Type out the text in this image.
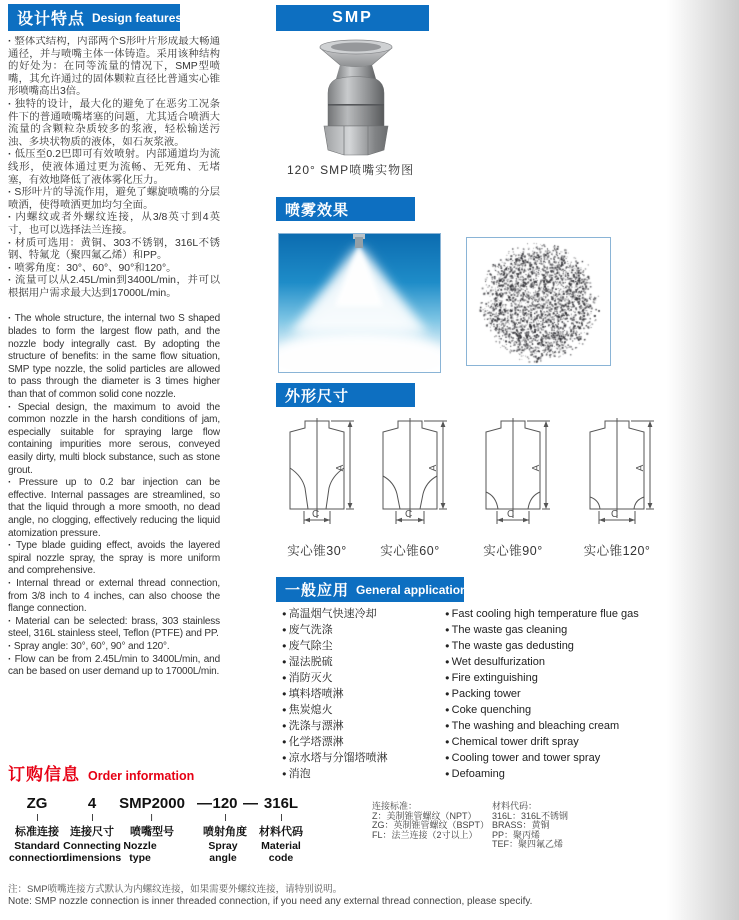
设计特点 Design features

· 整体式结构，内部两个S形叶片形成最大畅通通径，并与喷嘴主体一体铸造。采用该种结构的好处为：在同等流量的情况下，SMP型喷嘴，其允许通过的固体颗粒直径比普通实心锥形喷嘴高出3倍。

· 独特的设计，最大化的避免了在恶劣工况条件下的普通喷嘴堵塞的问题，尤其适合喷洒大流量的含颗粒杂质较多的浆液，轻松输送污浊、多块状物质的液体，如石灰浆液。

· 低压至0.2巴即可有效喷射。内部通道均为流线形，使液体通过更为流畅、无死角、无堵塞，有效地降低了液体雾化压力。

· S形叶片的导流作用，避免了螺旋喷嘴的分层喷洒，使得喷洒更加均匀全面。

· 内螺纹或者外螺纹连接，从3/8英寸到4英寸，也可以选择法兰连接。

· 材质可选用：黄铜、303不锈钢，316L不锈钢、特氟龙（聚四氟乙烯）和PP。

· 喷雾角度：30°、60°、90°和120°。

· 流量可以从2.45L/min到3400L/min，并可以根据用户需求最大达到17000L/min。

· The whole structure, the internal two S shaped blades to form the largest flow path, and the nozzle body integrally cast. By adopting the structure of benefits: in the same flow situation, SMP type nozzle, the solid particles are allowed to pass through the diameter is 3 times higher than that of common solid cone nozzle.

· Special design, the maximum to avoid the common nozzle in the harsh conditions of jam, especially suitable for spraying large flow containing impurities more serous, conveyed easily dirty, multi block substance, such as stone grout.

· Pressure up to 0.2 bar injection can be effective. Internal passages are streamlined, so that the liquid through a more smooth, no dead angle, no clogging, effectively reducing the liquid atomization pressure.

· Type blade guiding effect, avoids the layered spiral nozzle spray, the spray is more uniform and comprehensive.

· Internal thread or external thread connection, from 3/8 inch to 4 inches, can also choose the flange connection.

· Material can be selected: brass, 303 stainless steel, 316L stainless steel, Teflon (PTFE) and PP.

· Spray angle: 30°, 60°, 90° and 120°.

· Flow can be from 2.45L/min to 3400L/min, and can be based on user demand up to 17000L/min.

SMP
120° SMP喷嘴实物图
喷雾效果
外形尺寸
A
C
A
C
A
C
A
C
实心锥30°	实心锥60°	实心锥90°	实心锥120°
一般应用 General application
● 高温烟气快速冷却
● 废气洗涤
● 废气除尘
● 湿法脱硫
● 消防灭火
● 填料塔喷淋
● 焦炭熄火
● 洗涤与漂淋
● 化学塔漂淋
● 凉水塔与分馏塔喷淋
● 消泡
● Fast cooling high temperature flue gas
● The waste gas cleaning
● The waste gas dedusting
● Wet desulfurization
● Fire extinguishing
● Packing tower
● Coke quenching
● The washing and bleaching cream
● Chemical tower drift spray
● Cooling tower and tower spray
● Defoaming
订购信息 Order information
ZG
标准连接
Standard connection
4
连接尺寸
Connecting dimensions
SMP2000
喷嘴型号
Nozzle type
120
喷射角度
Spray angle
316L
材料代码
Material code
— —	连接标准：
Z：美制锥管螺纹（NPT）
ZG：英制锥管螺纹（BSPT）
FL：法兰连接（2寸以上）
材料代码：
316L：316L不锈钢
BRASS：黄铜
PP：聚丙烯
TEF：聚四氟乙烯
注：SMP喷嘴连接方式默认为内螺纹连接，如果需要外螺纹连接，请特别说明。
Note: SMP nozzle connection is inner threaded connection, if you need any external thread connection, please specify.
